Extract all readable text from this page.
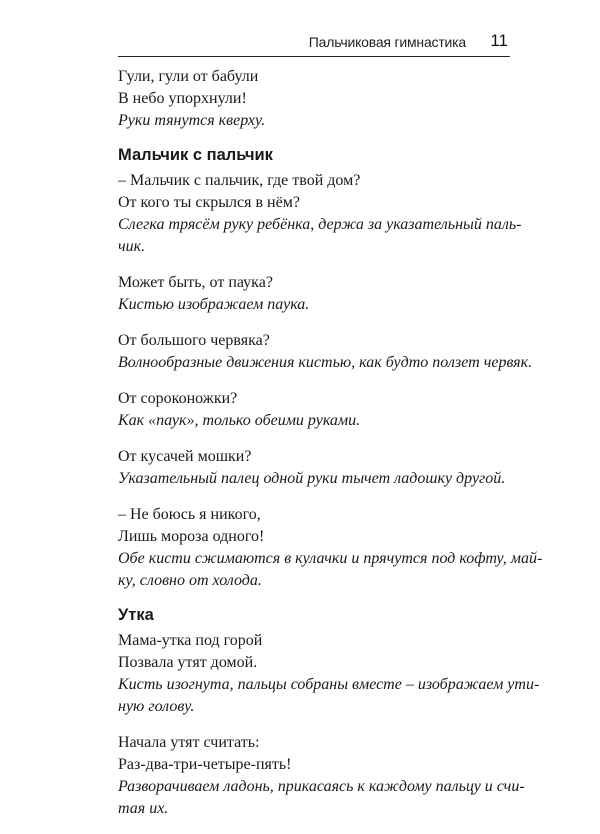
Пальчиковая гимнастика 11
Гули, гули от бабули
В небо упорхнули!
Руки тянутся кверху.
Мальчик с пальчик
– Мальчик с пальчик, где твой дом?
От кого ты скрылся в нём?
Слегка трясём руку ребёнка, держа за указательный паль-
чик.
Может быть, от паука?
Кистью изображаем паука.
От большого червяка?
Волнообразные движения кистью, как будто ползет червяк.
От сороконожки?
Как «паук», только обеими руками.
От кусачей мошки?
Указательный палец одной руки тычет ладошку другой.
– Не боюсь я никого,
Лишь мороза одного!
Обе кисти сжимаются в кулачки и прячутся под кофту, май-
ку, словно от холода.
Утка
Мама-утка под горой
Позвала утят домой.
Кисть изогнута, пальцы собраны вместе – изображаем ути-
ную голову.
Начала утят считать:
Раз-два-три-четыре-пять!
Разворачиваем ладонь, прикасаясь к каждому пальцу и счи-
тая их.
